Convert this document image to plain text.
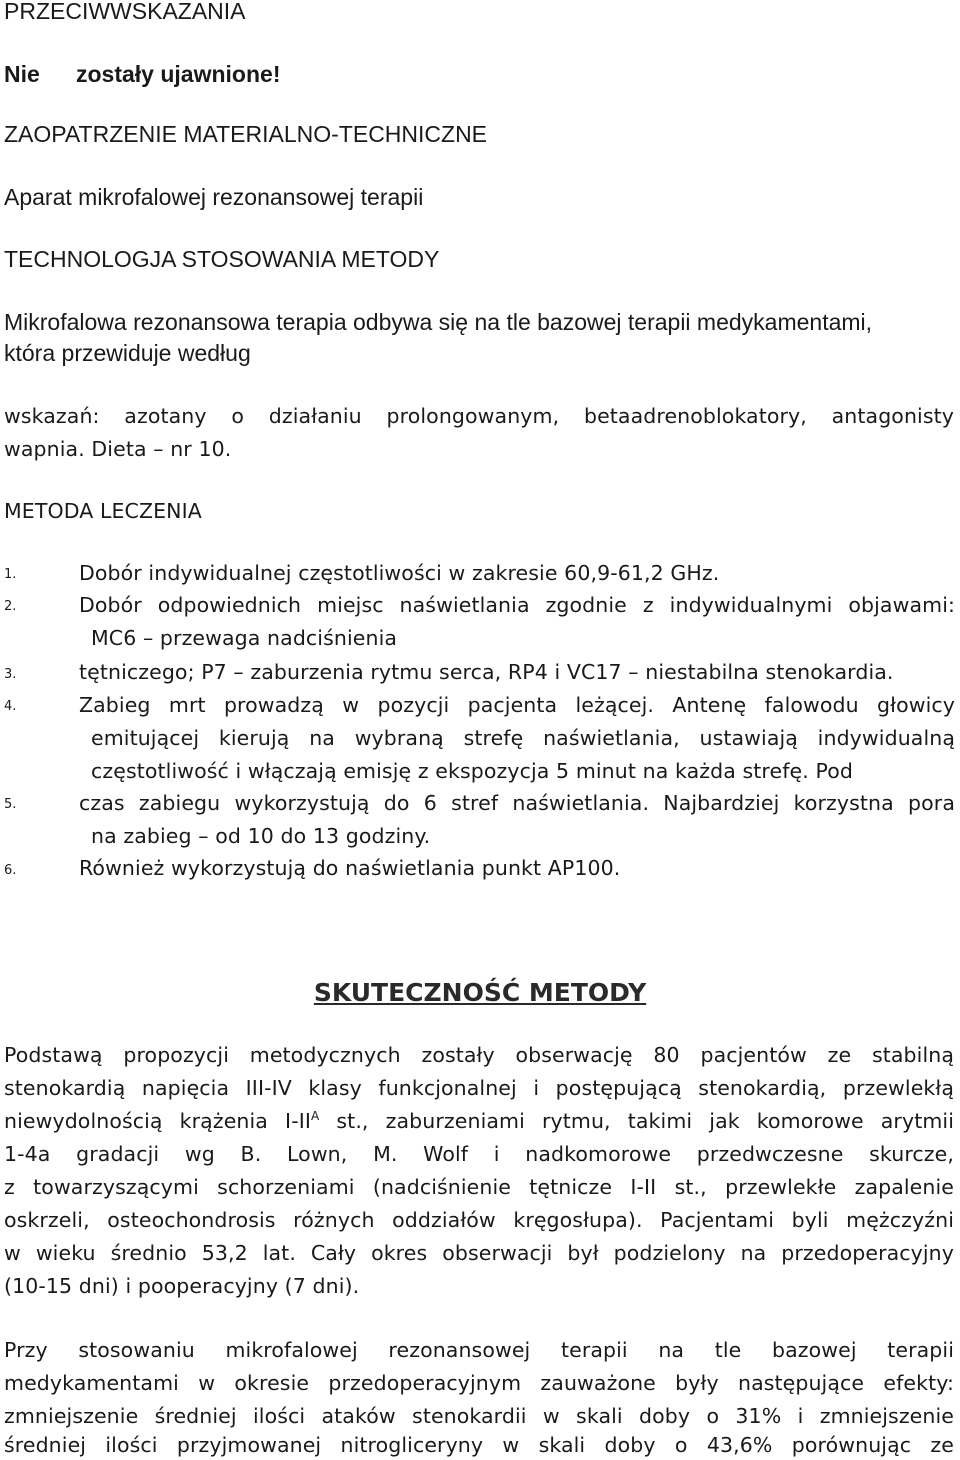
PRZECIWWSKAZANIA
Nie zostały ujawnione!
ZAOPATRZENIE MATERIALNO-TECHNICZNE
Aparat mikrofalowej rezonansowej terapii
TECHNOLOGJA STOSOWANIA METODY
Mikrofalowa rezonansowa terapia odbywa się na tle bazowej terapii medykamentami,
która przewiduje według
wskazań: azotany o działaniu prolongowanym, betaadrenoblokatory, antagonisty
wapnia. Dieta – nr 10.
METODA LECZENIA
1.	Dobór indywidualnej częstotliwości w zakresie 60,9-61,2 GHz.
2.	Dobór odpowiednich miejsc naświetlania zgodnie z indywidualnymi objawami:
MC6 – przewaga nadciśnienia
3.	tętniczego; P7 – zaburzenia rytmu serca, RP4 i VC17 – niestabilna stenokardia.
4.	Zabieg mrt prowadzą w pozycji pacjenta leżącej. Antenę falowodu głowicy
emitującej kierują na wybraną strefę naświetlania, ustawiają indywidualną
częstotliwość i włączają emisję z ekspozycja 5 minut na każda strefę. Pod
5.	czas zabiegu wykorzystują do 6 stref naświetlania. Najbardziej korzystna pora
na zabieg – od 10 do 13 godziny.
6.	Również wykorzystują do naświetlania punkt AP100.
SKUTECZNOŚĆ METODY
Podstawą propozycji metodycznych zostały obserwację 80 pacjentów ze stabilną
stenokardią napięcia III-IV klasy funkcjonalnej i postępującą stenokardią, przewlekłą
niewydolnością krążenia $I-II^A$ st., zaburzeniami rytmu, takimi jak komorowe arytmii
1-4a gradacji wg B. Lown, M. Wolf i nadkomorowe przedwczesne skurcze,
z towarzyszącymi schorzeniami (nadciśnienie tętnicze I-II st., przewlekłe zapalenie
oskrzeli, osteochondrosis różnych oddziałów kręgosłupa). Pacjentami byli mężczyźni
w wieku średnio 53,2 lat. Cały okres obserwacji był podzielony na przedoperacyjny
(10-15 dni) i pooperacyjny (7 dni).
Przy stosowaniu mikrofalowej rezonansowej terapii na tle bazowej terapii
medykamentami w okresie przedoperacyjnym zauważone były następujące efekty:
zmniejszenie średniej ilości ataków stenokardii w skali doby o 31% i zmniejszenie
średniej ilości przyjmowanej nitrogliceryny w skali doby o 43,6% porównując ze
